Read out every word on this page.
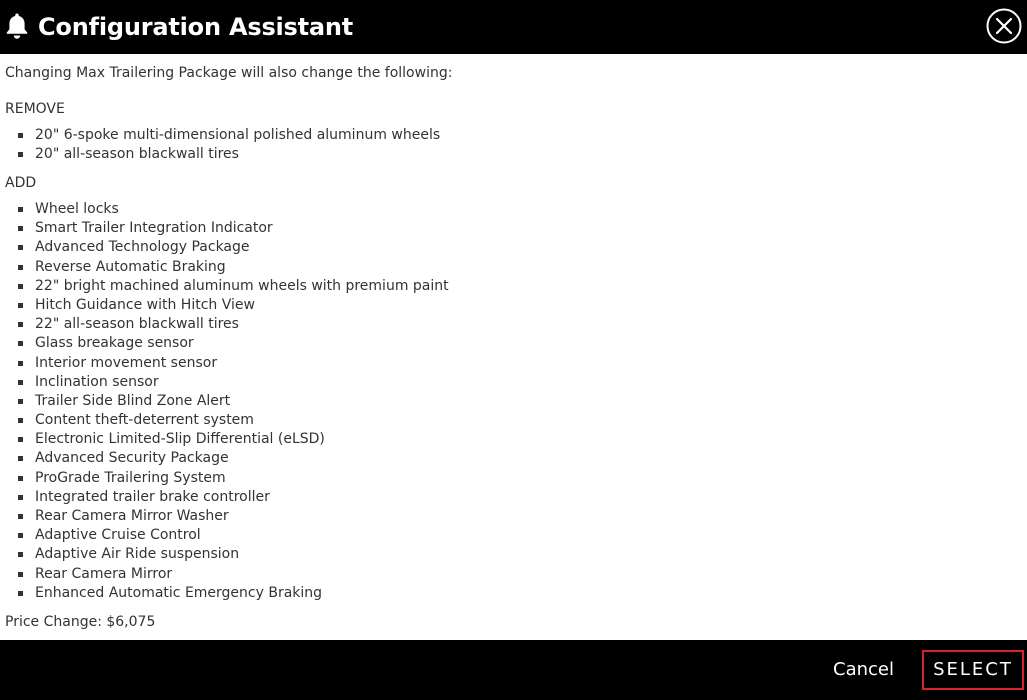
Configuration Assistant
Changing Max Trailering Package will also change the following:
REMOVE
20" 6-spoke multi-dimensional polished aluminum wheels
20" all-season blackwall tires
ADD
Wheel locks
Smart Trailer Integration Indicator
Advanced Technology Package
Reverse Automatic Braking
22" bright machined aluminum wheels with premium paint
Hitch Guidance with Hitch View
22" all-season blackwall tires
Glass breakage sensor
Interior movement sensor
Inclination sensor
Trailer Side Blind Zone Alert
Content theft-deterrent system
Electronic Limited-Slip Differential (eLSD)
Advanced Security Package
ProGrade Trailering System
Integrated trailer brake controller
Rear Camera Mirror Washer
Adaptive Cruise Control
Adaptive Air Ride suspension
Rear Camera Mirror
Enhanced Automatic Emergency Braking
Price Change: $6,075
Cancel	SELECT
